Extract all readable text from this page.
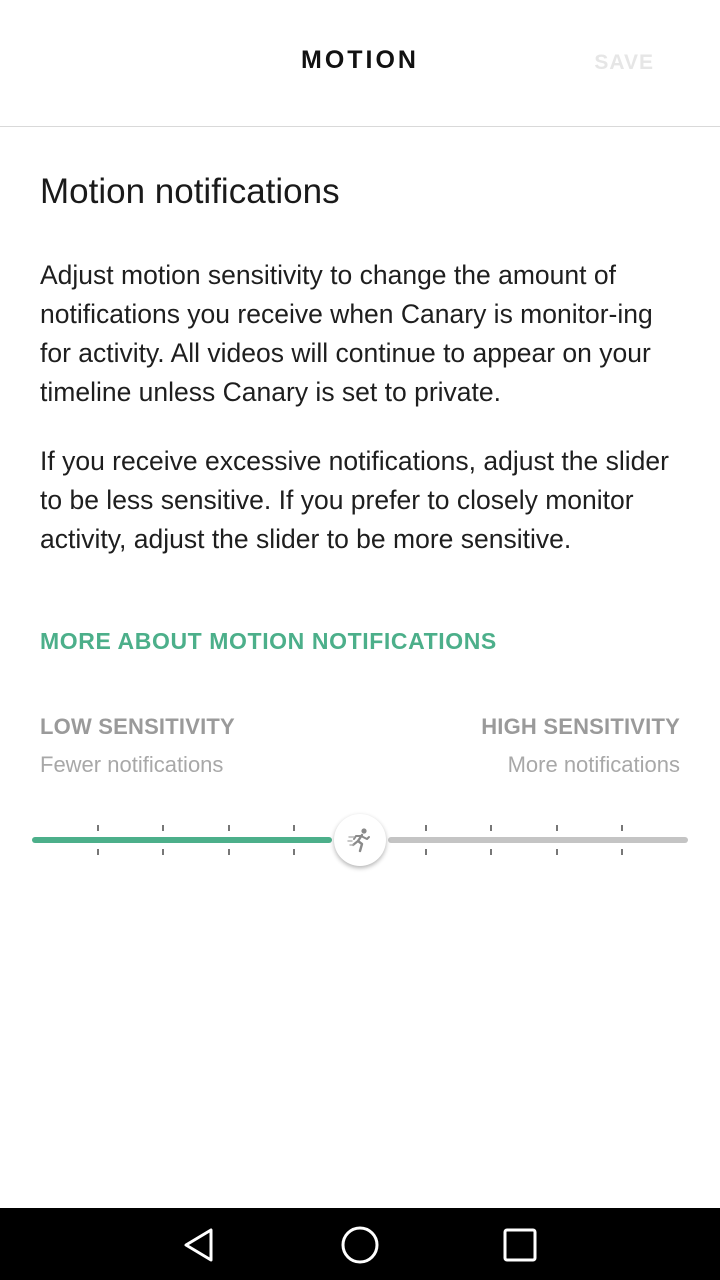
MOTION	SAVE
Motion notifications
Adjust motion sensitivity to change the amount of notifications you receive when Canary is monitor-ing for activity. All videos will continue to appear on your timeline unless Canary is set to private.
If you receive excessive notifications, adjust the slider to be less sensitive. If you prefer to closely monitor activity, adjust the slider to be more sensitive.
MORE ABOUT MOTION NOTIFICATIONS
LOW SENSITIVITY
Fewer notifications
HIGH SENSITIVITY
More notifications
